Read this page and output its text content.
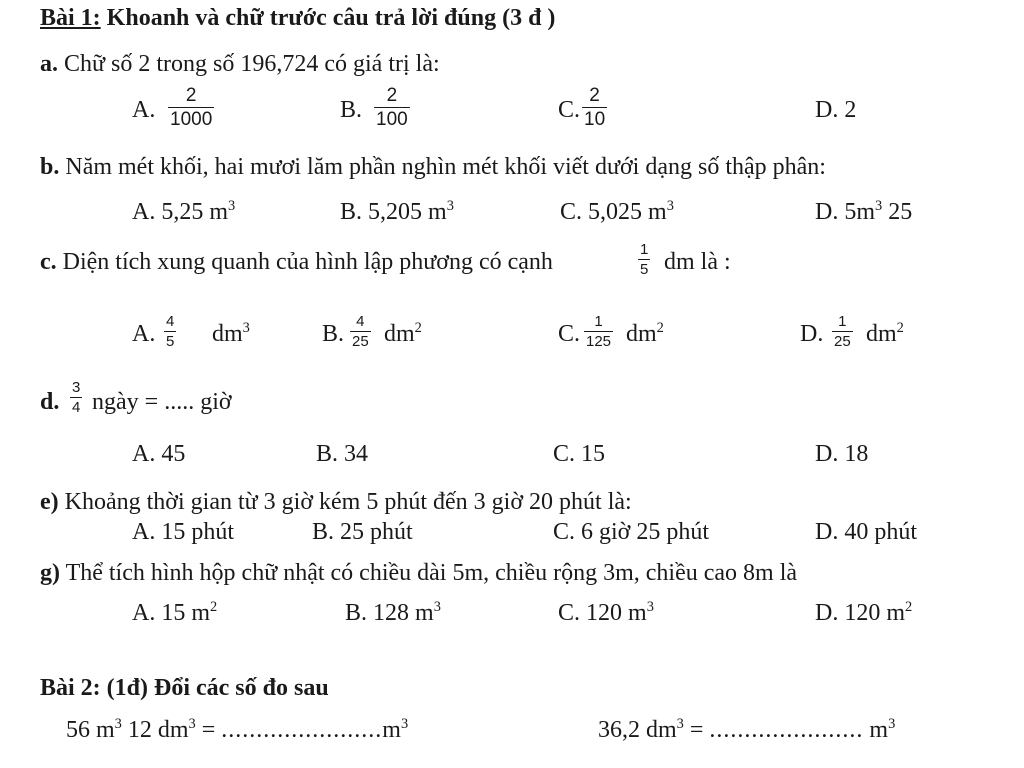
Bài 1: Khoanh và chữ trước câu trả lời đúng (3 đ )
a. Chữ số 2 trong số 196,724 có giá trị là:
A. $\frac{2}{1000}$	B. $\frac{2}{100}$	C. $\frac{2}{10}$	D. 2
b. Năm mét khối, hai mươi lăm phần nghìn mét khối viết dưới dạng số thập phân:
A. 5,25 $m^3$	B. 5,205 $m^3$	C. 5,025 $m^3$	D. $5m^3$ 25
c. Diện tích xung quanh của hình lập phương có cạnh	$\frac{1}{5}$ dm là :
A. $\frac{4}{5} dm^3$	B. $\frac{4}{25} dm^2$	C. $\frac{1}{125} dm^2$	D. $\frac{1}{25} dm^2$
d. $\frac{3}{4}$ ngày = ..... giờ
A. 45	B. 34	C. 15	D. 18
e) Khoảng thời gian từ 3 giờ kém 5 phút đến 3 giờ 20 phút là:
A. 15 phút	B. 25 phút	C. 6 giờ 25 phút	D. 40 phút
g) Thể tích hình hộp chữ nhật có chiều dài 5m, chiều rộng 3m, chiều cao 8m là
A. 15 $m^2$	B. 128 $m^3$	C. 120 $m^3$	D. 120 $m^2$
Bài 2: (1đ) Đổi các số đo sau
56 $m^3$ 12 $dm^3 = .......................m^3$	36,2 $dm^3$ = ...................... $m^3$
